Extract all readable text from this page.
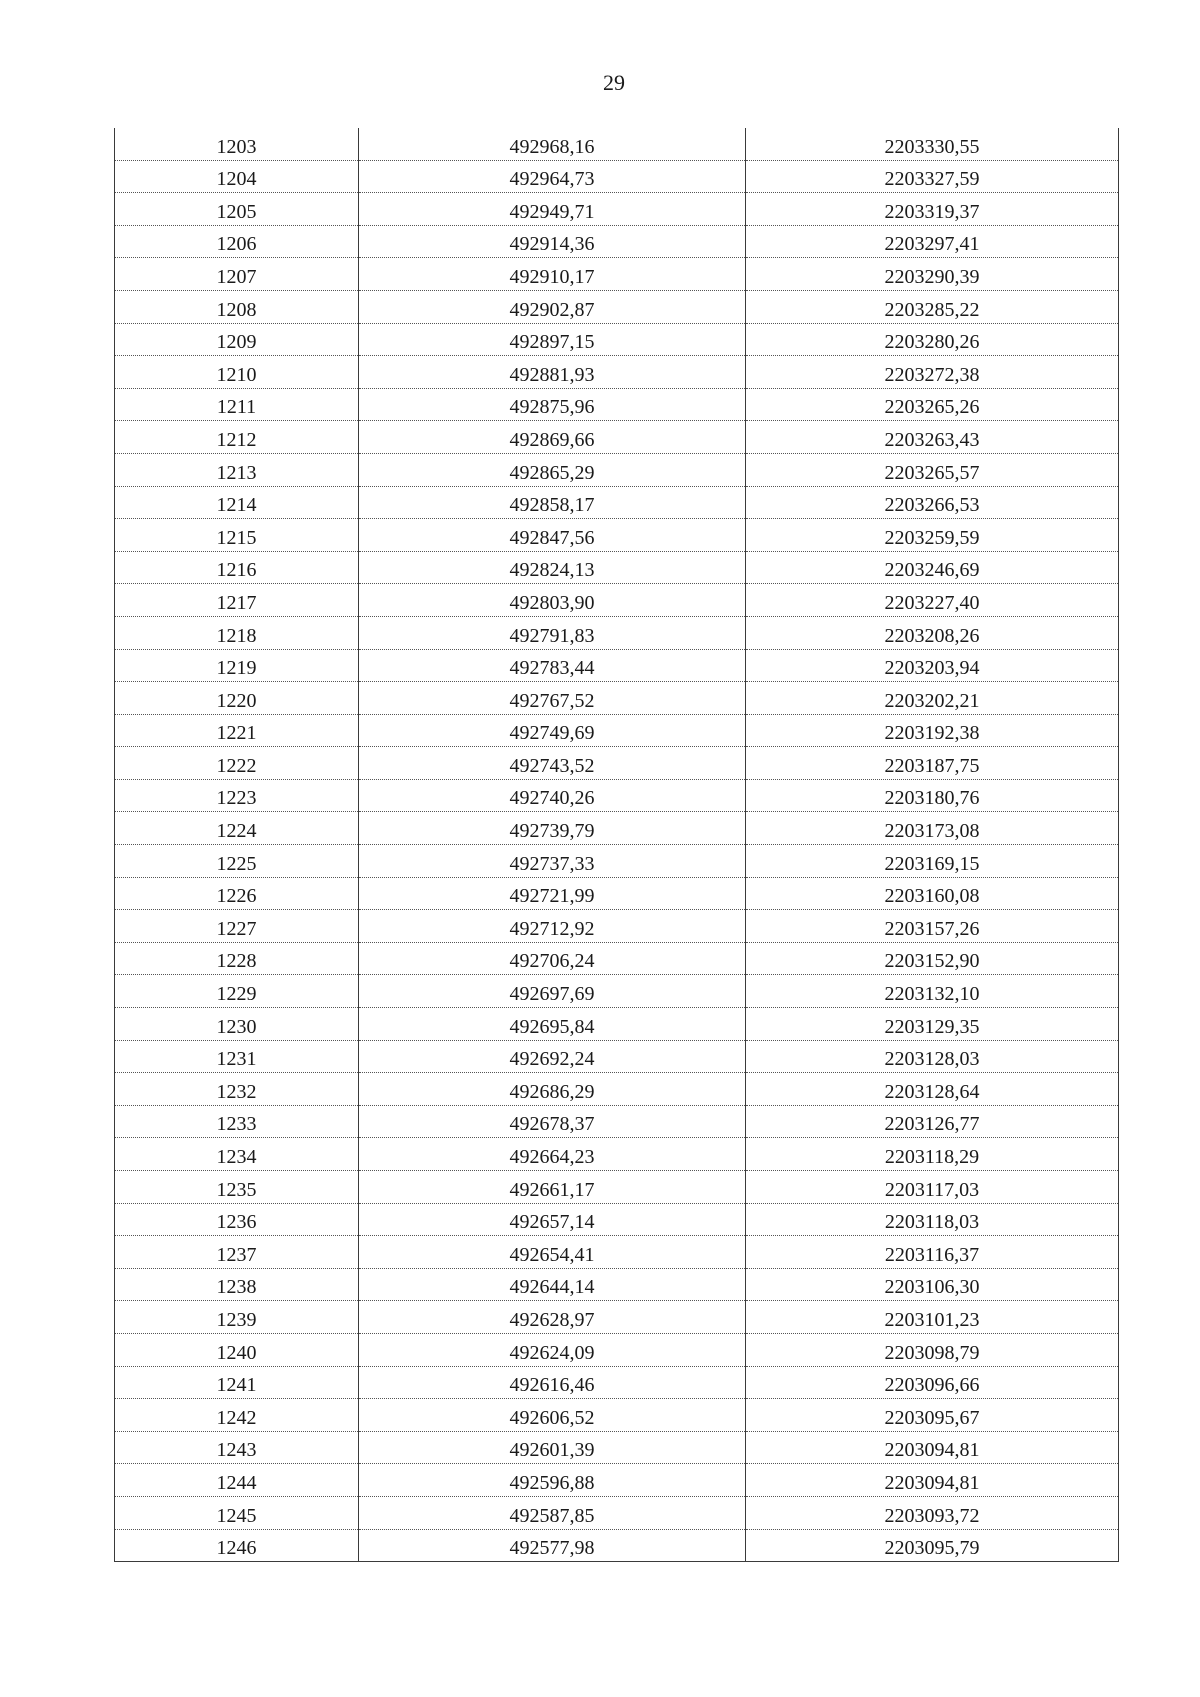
29
1203	492968,16	2203330,55
1204	492964,73	2203327,59
1205	492949,71	2203319,37
1206	492914,36	2203297,41
1207	492910,17	2203290,39
1208	492902,87	2203285,22
1209	492897,15	2203280,26
1210	492881,93	2203272,38
1211	492875,96	2203265,26
1212	492869,66	2203263,43
1213	492865,29	2203265,57
1214	492858,17	2203266,53
1215	492847,56	2203259,59
1216	492824,13	2203246,69
1217	492803,90	2203227,40
1218	492791,83	2203208,26
1219	492783,44	2203203,94
1220	492767,52	2203202,21
1221	492749,69	2203192,38
1222	492743,52	2203187,75
1223	492740,26	2203180,76
1224	492739,79	2203173,08
1225	492737,33	2203169,15
1226	492721,99	2203160,08
1227	492712,92	2203157,26
1228	492706,24	2203152,90
1229	492697,69	2203132,10
1230	492695,84	2203129,35
1231	492692,24	2203128,03
1232	492686,29	2203128,64
1233	492678,37	2203126,77
1234	492664,23	2203118,29
1235	492661,17	2203117,03
1236	492657,14	2203118,03
1237	492654,41	2203116,37
1238	492644,14	2203106,30
1239	492628,97	2203101,23
1240	492624,09	2203098,79
1241	492616,46	2203096,66
1242	492606,52	2203095,67
1243	492601,39	2203094,81
1244	492596,88	2203094,81
1245	492587,85	2203093,72
1246	492577,98	2203095,79
